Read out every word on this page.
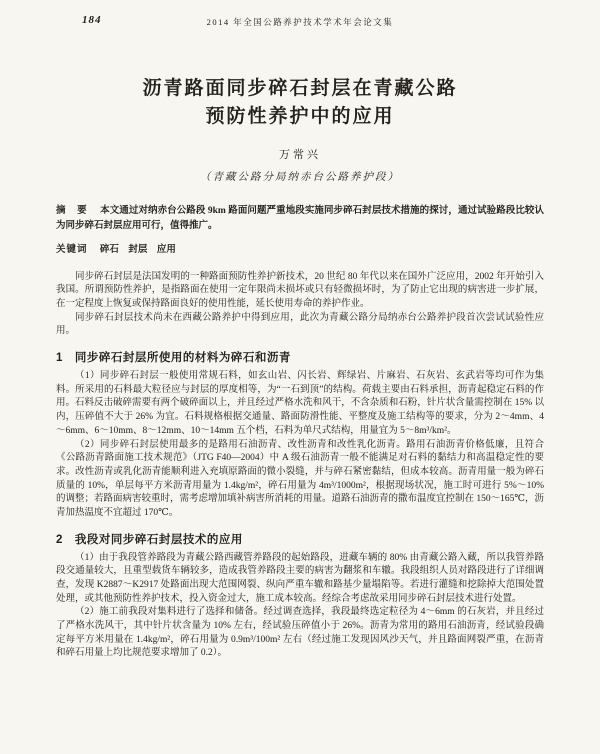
184	2014 年全国公路养护技术学术年会论文集
沥青路面同步碎石封层在青藏公路
预防性养护中的应用
万常兴
（青藏公路分局纳赤台公路养护段）

摘　要 本文通过对纳赤台公路段 9km 路面问题严重地段实施同步碎石封层技术措施的探讨，通过试验路段比较认为同步碎石封层应用可行，值得推广。

关键词 碎石　封层　应用

同步碎石封层是法国发明的一种路面预防性养护新技术，20 世纪 80 年代以来在国外广泛应用，2002 年开始引入我国。所谓预防性养护，是指路面在使用一定年限尚未损坏或只有轻微损坏时，为了防止它出现的病害进一步扩展，在一定程度上恢复或保持路面良好的使用性能，延长使用寿命的养护作业。

同步碎石封层技术尚未在西藏公路养护中得到应用，此次为青藏公路分局纳赤台公路养护段首次尝试试验性应用。

1　同步碎石封层所使用的材料为碎石和沥青

（1）同步碎石封层一般使用常规石料，如玄山岩、闪长岩、辉绿岩、片麻岩、石灰岩、玄武岩等均可作为集料。所采用的石料最大粒径应与封层的厚度相等，为“一石到顶”的结构。荷载主要由石料承担，沥青起稳定石料的作用。石料反击破碎需要有两个破碎面以上，并且经过严格水洗和风干，不含杂质和石粉，针片状含量需控制在 15% 以内，压碎值不大于 26% 为宜。石料规格根据交通量、路面防滑性能、平整度及施工结构等的要求，分为 2～4mm、4～6mm、6～10mm、8～12mm、10～14mm 五个档，石料为单尺式结构，用量宜为 5～8m³/km²。

（2）同步碎石封层使用最多的是路用石油沥青、改性沥青和改性乳化沥青。路用石油沥青价格低廉，且符合《公路沥青路面施工技术规范》（JTG F40—2004）中 A 级石油沥青一般不能满足对石料的黏结力和高温稳定性的要求。改性沥青或乳化沥青能顺利进入充填原路面的微小裂缝，并与碎石紧密黏结，但成本较高。沥青用量一般为碎石质量的 10%，单层每平方米沥青用量为 1.4kg/m²，碎石用量为 4m³/1000m²，根据现场状况，施工时可进行 5%～10% 的调整；若路面病害较重时，需考虑增加填补病害所消耗的用量。道路石油沥青的撒布温度宜控制在 150～165℃，沥青加热温度不宜超过 170℃。

2　我段对同步碎石封层技术的应用

（1）由于我段管养路段为青藏公路西藏管养路段的起始路段，进藏车辆的 80% 由青藏公路入藏，所以我管养路段交通量较大，且重型载货车辆较多，造成我管养路段主要的病害为翻浆和车辙。我段组织人员对路段进行了详细调查，发现 K2887～K2917 处路面出现大范围网裂、纵向严重车辙和路基少量塌陷等。若进行灌缝和挖除掉大范围处置处理，或其他预防性养护技术，投入资金过大，施工成本较高。经综合考虑故采用同步碎石封层技术进行处置。

（2）施工前我段对集料进行了选择和储备。经过调查选择，我段最终选定粒径为 4～6mm 的石灰岩，并且经过了严格水洗风干，其中针片状含量为 10% 左右，经试验压碎值小于 26%。沥青为常用的路用石油沥青，经试验段确定每平方米用量在 1.4kg/m²，碎石用量为 0.9m³/100m² 左右（经过施工发现因风沙天气，并且路面网裂严重，在沥青和碎石用量上均比规范要求增加了 0.2）。
